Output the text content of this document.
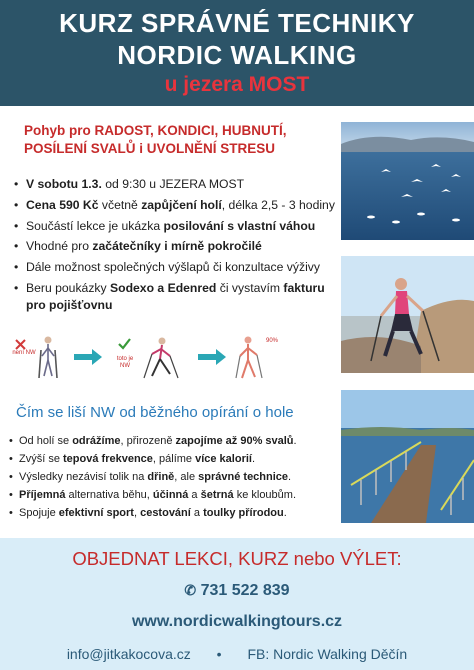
KURZ SPRÁVNÉ TECHNIKY
NORDIC WALKING
u jezera MOST
Pohyb pro RADOST, KONDICI, HUBNUTÍ,
POSÍLENÍ SVALŮ i UVOLNĚNÍ STRESU
• V sobotu 1.3. od 9:30 u JEZERA MOST
• Cena 590 Kč včetně zapůjčení holí, délka 2,5 - 3 hodiny
• Součástí lekce je ukázka posilování s vlastní váhou
• Vhodné pro začátečníky i mírně pokročilé
• Dále možnost společných výšlapů či konzultace výživy
• Beru poukázky Sodexo a Edenred či vystavím fakturu
pro pojišťovnu
není NW
toto je NW
90%
Čím se liší NW od běžného opírání o hole
• Od holí se odrážíme, přirozeně zapojíme až 90% svalů.
• Zvýší se tepová frekvence, pálíme více kalorií.
• Výsledky nezávisí tolik na dřině, ale správné technice.
• Příjemná alternativa běhu, účinná a šetrná ke kloubům.
• Spojuje efektivní sport, cestování a toulky přírodou.
OBJEDNAT LEKCI, KURZ nebo VÝLET:
✆ 731 522 839
www.nordicwalkingtours.cz
info@jitkakocova.cz • FB: Nordic Walking Děčín
